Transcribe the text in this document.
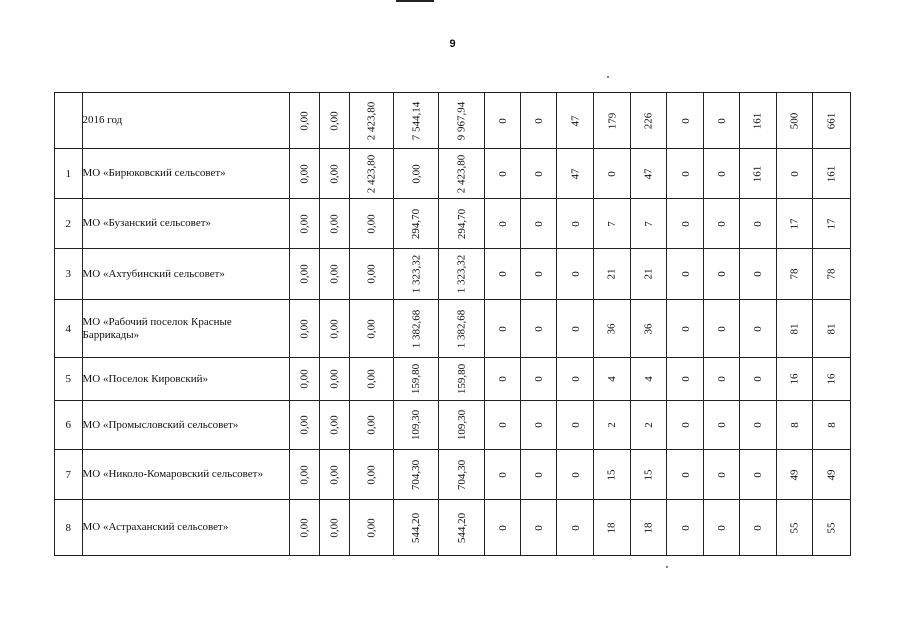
9
	2016 год	0,00	0,00	2 423,80	7 544,14	9 967,94	0	0	47	179	226	0	0	161	500	661
1	МО «Бирюковский сельсовет»	0,00	0,00	2 423,80	0,00	2 423,80	0	0	47	0	47	0	0	161	0	161
2	МО «Бузанский сельсовет»	0,00	0,00	0,00	294,70	294,70	0	0	0	7	7	0	0	0	17	17
3	МО «Ахтубинский сельсовет»	0,00	0,00	0,00	1 323,32	1 323,32	0	0	0	21	21	0	0	0	78	78
4	МО «Рабочий поселок Красные Баррикады»	0,00	0,00	0,00	1 382,68	1 382,68	0	0	0	36	36	0	0	0	81	81
5	МО «Поселок Кировский»	0,00	0,00	0,00	159,80	159,80	0	0	0	4	4	0	0	0	16	16
6	МО «Промысловский сельсовет»	0,00	0,00	0,00	109,30	109,30	0	0	0	2	2	0	0	0	8	8
7	МО «Николо-Комаровский сельсовет»	0,00	0,00	0,00	704,30	704,30	0	0	0	15	15	0	0	0	49	49
8	МО «Астраханский сельсовет»	0,00	0,00	0,00	544,20	544,20	0	0	0	18	18	0	0	0	55	55
